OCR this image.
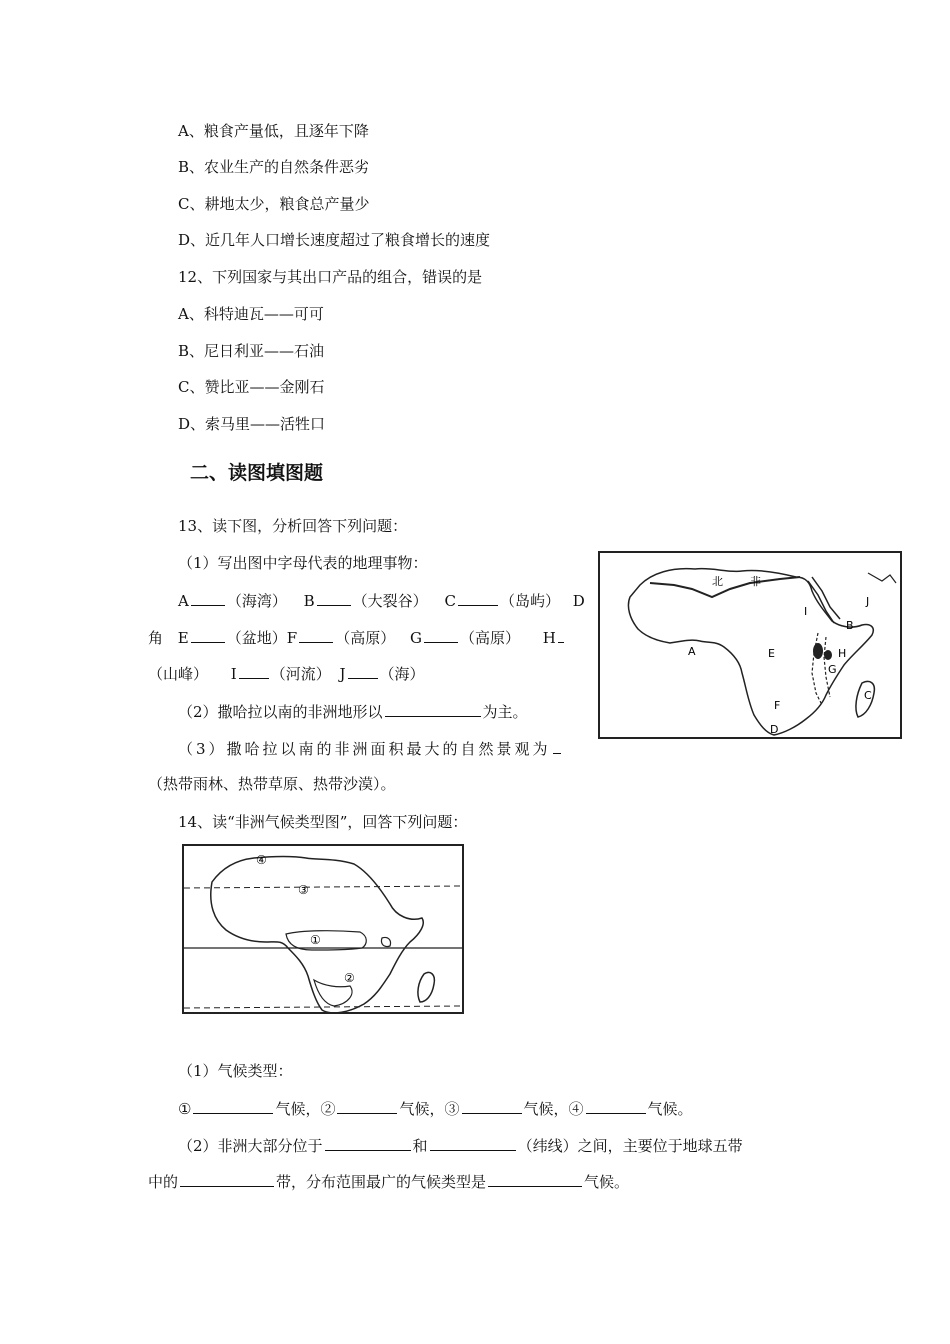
A、粮食产量低，且逐年下降
B、农业生产的自然条件恶劣
C、耕地太少，粮食总产量少
D、近几年人口增长速度超过了粮食增长的速度
12、下列国家与其出口产品的组合，错误的是
A、科特迪瓦——可可
B、尼日利亚——石油
C、赞比亚——金刚石
D、索马里——活牲口
二、读图填图题
13、读下图，分析回答下列问题：
（1）写出图中字母代表的地理事物：
A	（海湾） B	（大裂谷） C	（岛屿） D
角 E	（盆地）F	（高原） G	（高原） H
（山峰） I （河流） J （海）
（2）撒哈拉以南的非洲地形以	为主。
（3）撒哈拉以南的非洲面积最大的自然景观为
（热带雨林、热带草原、热带沙漠）。
北 非
A
B
C
D
E
F
G
H
I
J
14、读“非洲气候类型图”，回答下列问题：
①
②
③
④
（1）气候类型：
①	气候，②	气候，③	气候，④	气候。
（2）非洲大部分位于	和	（纬线）之间，主要位于地球五带
中的	带，分布范围最广的气候类型是	气候。
